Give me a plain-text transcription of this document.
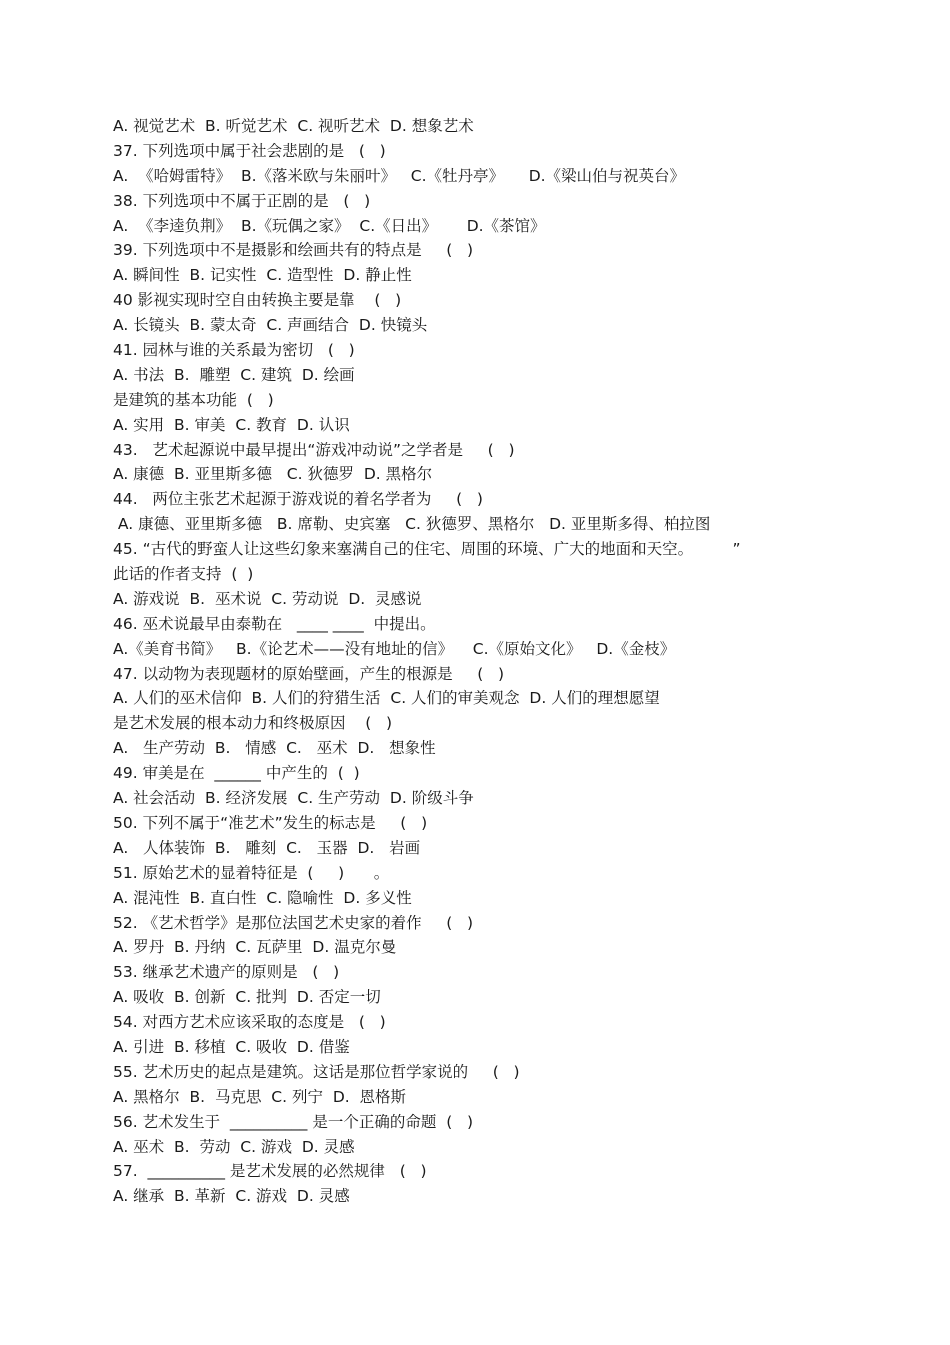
A. 视觉艺术  B. 听觉艺术  C. 视听艺术  D. 想象艺术
37. 下列选项中属于社会悲剧的是   (   )
A.  《哈姆雷特》  B.《落米欧与朱丽叶》   C.《牡丹亭》     D.《梁山伯与祝英台》
38. 下列选项中不属于正剧的是   (   )
A.  《李逵负荆》  B.《玩偶之家》  C.《日出》      D.《茶馆》
39. 下列选项中不是摄影和绘画共有的特点是     (   )
A. 瞬间性  B. 记实性  C. 造型性  D. 静止性
40 影视实现时空自由转换主要是靠    (   )
A. 长镜头  B. 蒙太奇  C. 声画结合  D. 快镜头
41. 园林与谁的关系最为密切   (   )
A. 书法  B.  雕塑  C. 建筑  D. 绘画
是建筑的基本功能  (   )
A. 实用  B. 审美  C. 教育  D. 认识
43.   艺术起源说中最早提出“游戏冲动说”之学者是     (   )
A. 康德  B. 亚里斯多德   C. 狄德罗  D. 黑格尔
44.   两位主张艺术起源于游戏说的着名学者为     (   )
A. 康德、亚里斯多德   B. 席勒、史宾塞   C. 狄德罗、黑格尔   D. 亚里斯多得、柏拉图
45. “古代的野蛮人让这些幻象来塞满自己的住宅、周围的环境、广大的地面和天空。        ”
此话的作者支持  (  )
A. 游戏说  B.  巫术说  C. 劳动说  D.  灵感说
46. 巫术说最早由泰勒在   ____ ____  中提出。
A.《美育书简》   B.《论艺术——没有地址的信》    C.《原始文化》   D.《金枝》
47. 以动物为表现题材的原始壁画，产生的根源是     (   )
A. 人们的巫术信仰  B. 人们的狩猎生活  C. 人们的审美观念  D. 人们的理想愿望
是艺术发展的根本动力和终极原因    (   )
A.   生产劳动  B.   情感  C.   巫术  D.   想象性
49. 审美是在  ______ 中产生的  (  )
A. 社会活动  B. 经济发展  C. 生产劳动  D. 阶级斗争
50. 下列不属于“准艺术”发生的标志是     (   )
A.   人体装饰  B.   雕刻  C.   玉器  D.   岩画
51. 原始艺术的显着特征是  (     )      。
A. 混沌性  B. 直白性  C. 隐喻性  D. 多义性
52. 《艺术哲学》是那位法国艺术史家的着作     (   )
A. 罗丹  B. 丹纳  C. 瓦萨里  D. 温克尔曼
53. 继承艺术遗产的原则是   (   )
A. 吸收  B. 创新  C. 批判  D. 否定一切
54. 对西方艺术应该采取的态度是   (   )
A. 引进  B. 移植  C. 吸收  D. 借鉴
55. 艺术历史的起点是建筑。这话是那位哲学家说的     (   )
A. 黑格尔  B.  马克思  C. 列宁  D.  恩格斯
56. 艺术发生于  __________ 是一个正确的命题  (   )
A. 巫术  B.  劳动  C. 游戏  D. 灵感
57.  __________ 是艺术发展的必然规律   (   )
A. 继承  B. 革新  C. 游戏  D. 灵感
